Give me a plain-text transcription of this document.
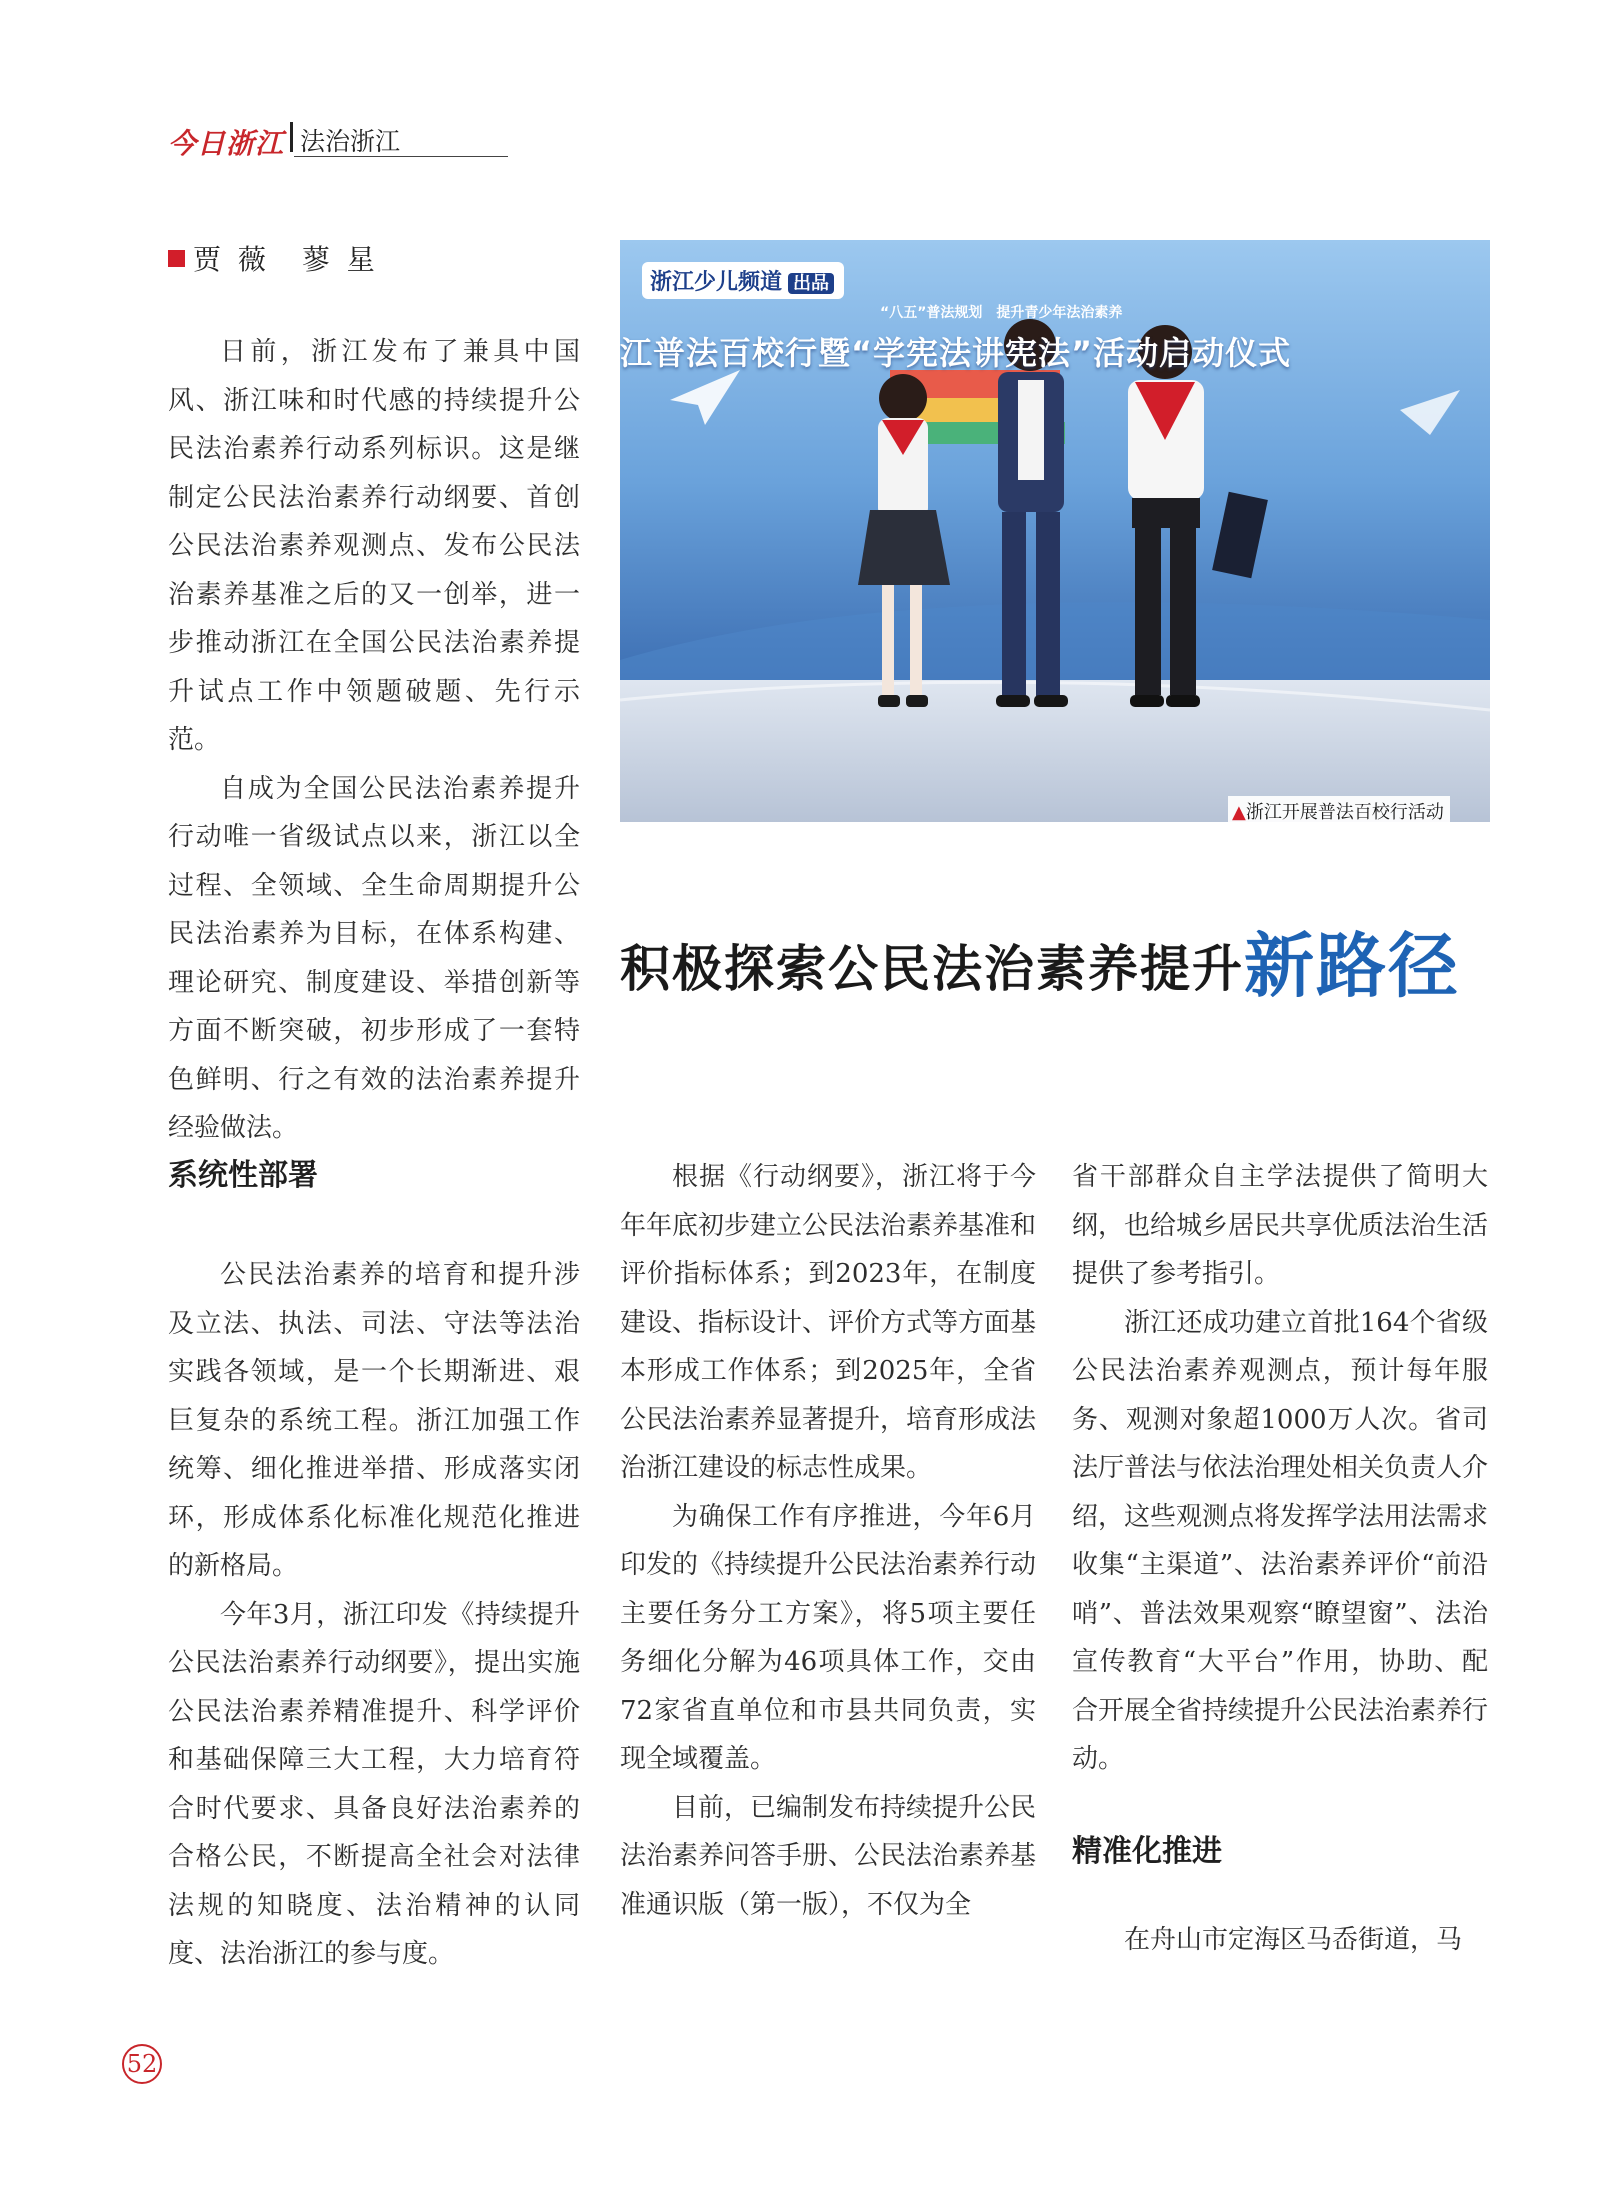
今日浙江 法治浙江
贾 薇　蓼 星

日前，浙江发布了兼具中国风、浙江味和时代感的持续提升公民法治素养行动系列标识。这是继制定公民法治素养行动纲要、首创公民法治素养观测点、发布公民法治素养基准之后的又一创举，进一步推动浙江在全国公民法治素养提升试点工作中领题破题、先行示范。

自成为全国公民法治素养提升行动唯一省级试点以来，浙江以全过程、全领域、全生命周期提升公民法治素养为目标，在体系构建、理论研究、制度建设、举措创新等方面不断突破，初步形成了一套特色鲜明、行之有效的法治素养提升经验做法。

浙江少儿频道 出品
“八五”普法规划　提升青少年法治素养
江普法百校行暨“学宪法讲宪法”活动启动仪式
▲浙江开展普法百校行活动
积极探索公民法治素养提升新路径
系统性部署

公民法治素养的培育和提升涉及立法、执法、司法、守法等法治实践各领域，是一个长期渐进、艰巨复杂的系统工程。浙江加强工作统筹、细化推进举措、形成落实闭环，形成体系化标准化规范化推进的新格局。

今年3月，浙江印发《持续提升公民法治素养行动纲要》，提出实施公民法治素养精准提升、科学评价和基础保障三大工程，大力培育符合时代要求、具备良好法治素养的合格公民，不断提高全社会对法律法规的知晓度、法治精神的认同度、法治浙江的参与度。

根据《行动纲要》，浙江将于今年年底初步建立公民法治素养基准和评价指标体系；到2023年，在制度建设、指标设计、评价方式等方面基本形成工作体系；到2025年，全省公民法治素养显著提升，培育形成法治浙江建设的标志性成果。

为确保工作有序推进，今年6月印发的《持续提升公民法治素养行动主要任务分工方案》，将5项主要任务细化分解为46项具体工作，交由72家省直单位和市县共同负责，实现全域覆盖。

目前，已编制发布持续提升公民法治素养问答手册、公民法治素养基准通识版（第一版），不仅为全

省干部群众自主学法提供了简明大纲，也给城乡居民共享优质法治生活提供了参考指引。

浙江还成功建立首批164个省级公民法治素养观测点，预计每年服务、观测对象超1000万人次。省司法厅普法与依法治理处相关负责人介绍，这些观测点将发挥学法用法需求收集“主渠道”、法治素养评价“前沿哨”、普法效果观察“瞭望窗”、法治宣传教育“大平台”作用，协助、配合开展全省持续提升公民法治素养行动。

精准化推进

在舟山市定海区马岙街道，马

52
